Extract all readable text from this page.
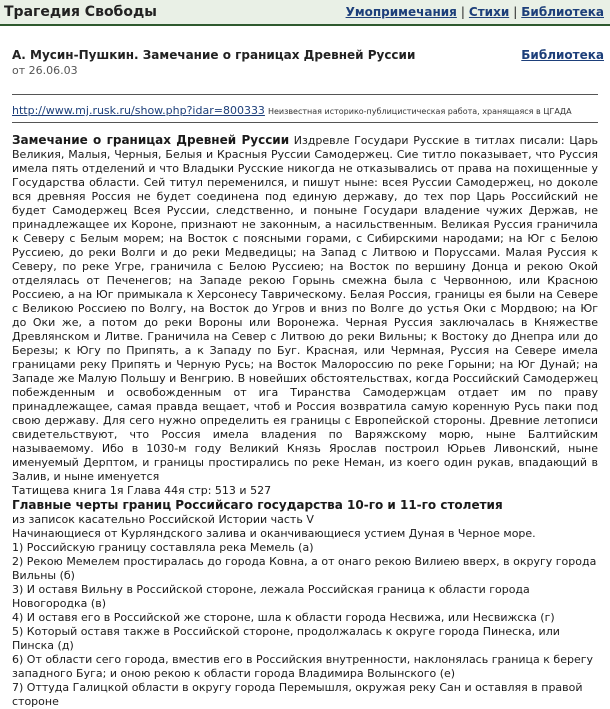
Трагедия Свободы	Умопримечания | Стихи | Библиотека
А. Мусин-Пушкин. Замечание о границах Древней Руссии	Библиотека
от 26.06.03
http://www.mj.rusk.ru/show.php?idar=800333 Неизвестная историко-публицистическая работа, хранящаяся в ЦГАДА
Замечание о границах Древней Руссии Издревле Государи Русские в титлах писали: Царь Великия, Малыя, Черныя, Белыя и Красныя Руссии Самодержец. Сие титло показывает, что Руссия имела пять отделений и что Владыки Русские никогда не отказывались от права на похищенные у Государства области. Сей титул переменился, и пишут ныне: всея Руссии Самодержец, но доколе вся древняя Россия не будет соединена под единую державу, до тех пор Царь Российский не будет Самодержец Всея Руссии, следственно, и поныне Государи владение чужих Держав, не принадлежащее их Короне, признают не законным, а насильственным. Великая Руссия граничила к Северу с Белым морем; на Восток с поясными горами, с Сибирскими народами; на Юг с Белою Руссиею, до реки Волги и до реки Медведицы; на Запад с Литвою и Поруссами. Малая Руссия к Северу, по реке Угре, граничила с Белою Руссиею; на Восток по вершину Донца и рекою Окой отделялась от Печенегов; на Западе рекою Горынь смежна была с Червонною, или Красною Россиею, а на Юг примыкала к Херсонесу Таврическому. Белая Россия, границы ея были на Севере с Великою Россиею по Волгу, на Восток до Угров и вниз по Волге до устья Оки с Мордвою; на Юг до Оки же, а потом до реки Вороны или Воронежа. Черная Руссия заключалась в Княжестве Древлянском и Литве. Граничила на Север с Литвою до реки Вильны; к Востоку до Днепра или до Березы; к Югу по Припять, а к Западу по Буг. Красная, или Чермная, Руссия на Севере имела границами реку Припять и Черную Русь; на Восток Малороссию по реке Горыни; на Юг Дунай; на Западе же Малую Польшу и Венгрию. В новейших обстоятельствах, когда Российский Самодержец побежденным и освобожденным от ига Тиранства Самодержцам отдает им по праву принадлежащее, самая правда вещает, чтоб и Россия возвратила самую коренную Русь паки под свою державу. Для сего нужно определить ея границы с Европейской стороны. Древние летописи свидетельствуют, что Россия имела владения по Варяжскому морю, ныне Балтийским называемому. Ибо в 1030-м году Великий Князь Ярослав построил Юрьев Ливонский, ныне именуемый Дерптом, и границы простирались по реке Неман, из коего один рукав, впадающий в Залив, и ныне именуется
Татищева книга 1я Глава 44я стр: 513 и 527
Главные черты границ Российсаго государства 10-го и 11-го столетия
из записок касательно Российской Истории часть V
Начинающиеся от Курляндского залива и оканчивающиеся устием Дуная в Черное море.
1) Российскую границу составляла река Мемель (а)
2) Рекою Мемелем простиралась до города Ковна, а от онаго рекою Вилиею вверх, в округу города Вильны (б)
3) И оставя Вильну в Российской стороне, лежала Российская граница к области города Новогородка (в)
4) И оставя его в Российской же стороне, шла к области города Несвижа, или Несвижска (г)
5) Который оставя также в Российской стороне, продолжалась к округе города Пинеска, или Пинска (д)
6) От области сего города, вместив его в Российския внутренности, наклонялась граница к берегу западного Буга; и оною рекою к области города Владимира Волынского (е)
7) Оттуда Галицкой области в округу города Перемышля, окружая реку Сан и оставляя в правой стороне
